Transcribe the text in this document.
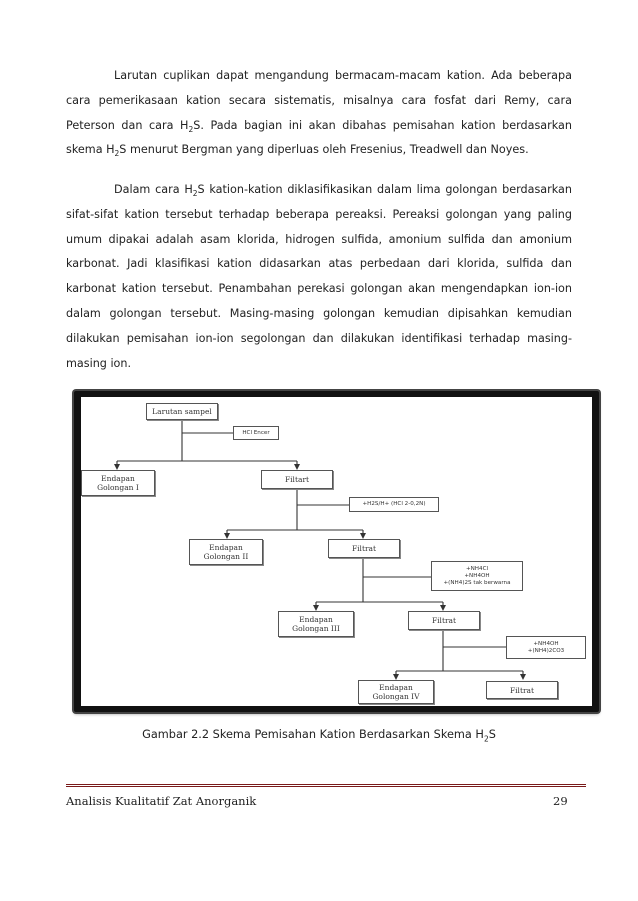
Larutan cuplikan dapat mengandung bermacam-macam kation. Ada beberapa cara pemerikasaan kation secara sistematis, misalnya cara fosfat dari Remy, cara Peterson dan cara $H_2S$. Pada bagian ini akan dibahas pemisahan kation berdasarkan skema $H_2S$ menurut Bergman yang diperluas oleh Fresenius, Treadwell dan Noyes.

Dalam cara $H_2S$ kation-kation diklasifikasikan dalam lima golongan berdasarkan sifat-sifat kation tersebut terhadap beberapa pereaksi. Pereaksi golongan yang paling umum dipakai adalah asam klorida, hidrogen sulfida, amonium sulfida dan amonium karbonat. Jadi klasifikasi kation didasarkan atas perbedaan dari klorida, sulfida dan karbonat kation tersebut. Penambahan perekasi golongan akan mengendapkan ion-ion dalam golongan tersebut. Masing-masing golongan kemudian dipisahkan kemudian dilakukan pemisahan ion-ion segolongan dan dilakukan identifikasi terhadap masing-masing ion.

Larutan sampel
HCl Encer
Endapan
Golongan I
Filtart
+H2S/H+ (HCl 2-0,2N)
Endapan
Golongan II
Filtrat
+NH4Cl
+NH4OH
+(NH4)2S tak berwarna
Endapan
Golongan III
Filtrat
+NH4OH
+(NH4)2CO3
Endapan
Golongan IV
Filtrat
Gambar 2.2 Skema Pemisahan Kation Berdasarkan Skema $H_2S$
Analisis Kualitatif Zat Anorganik	29
